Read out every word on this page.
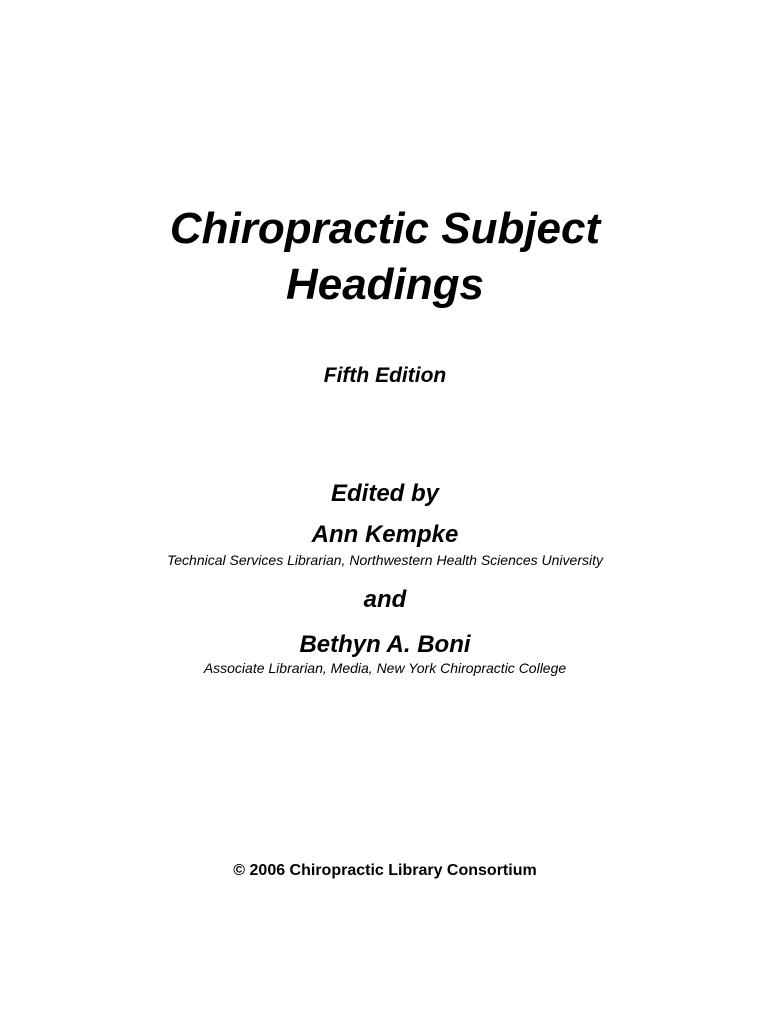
Chiropractic Subject
Headings

Fifth Edition

Edited by

Ann Kempke

Technical Services Librarian, Northwestern Health Sciences University

and

Bethyn A. Boni

Associate Librarian, Media, New York Chiropractic College

© 2006 Chiropractic Library Consortium
